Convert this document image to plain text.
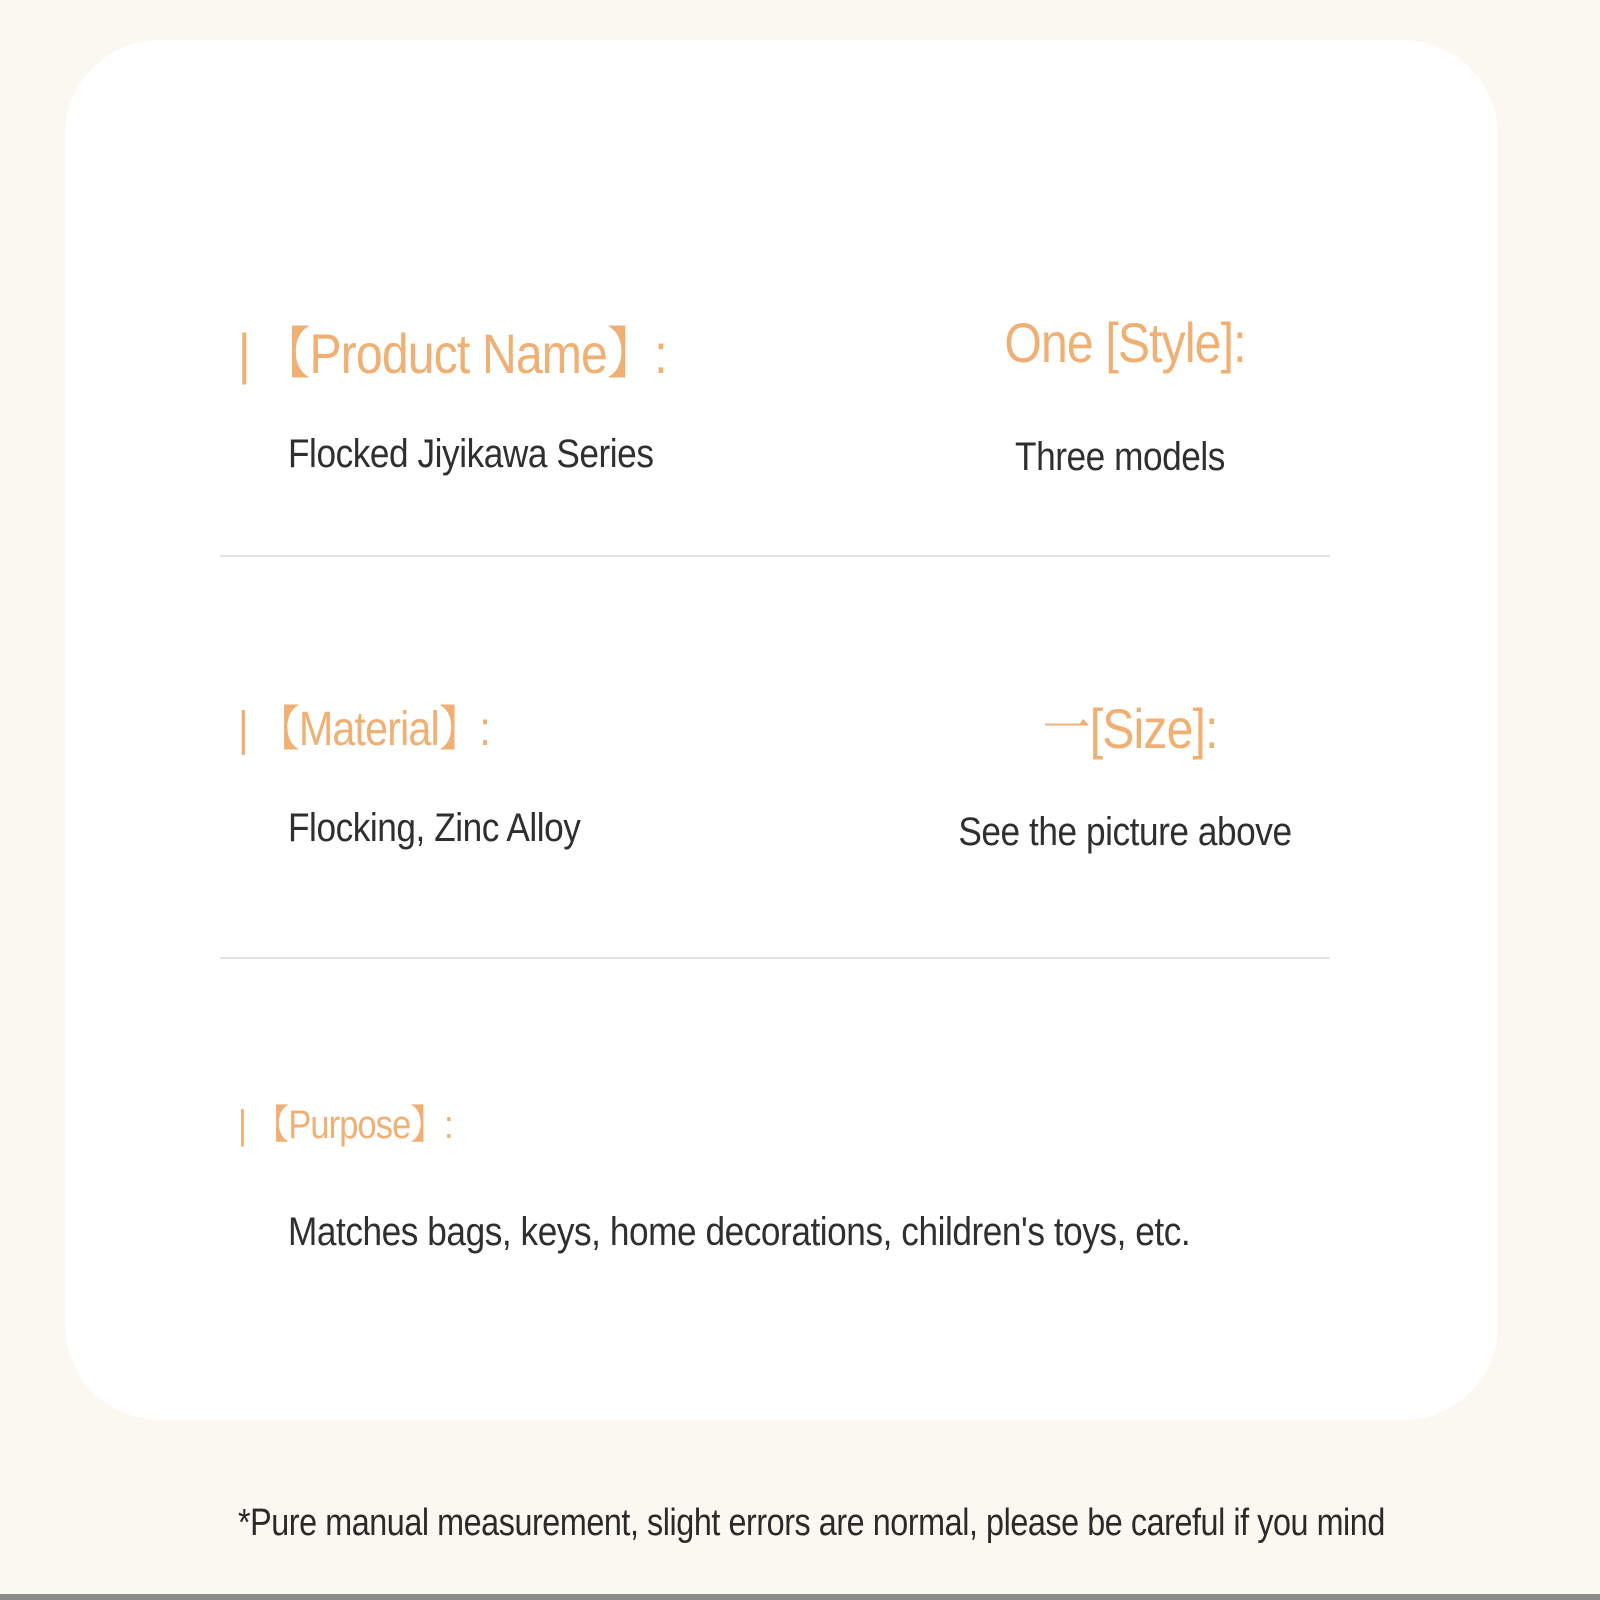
| 【Product Name】:
Flocked Jiyikawa Series
One [Style]:
Three models
| 【Material】:
Flocking, Zinc Alloy
一[Size]:
See the picture above
| 【Purpose】:
Matches bags, keys, home decorations, children's toys, etc.
*Pure manual measurement, slight errors are normal, please be careful if you mind
